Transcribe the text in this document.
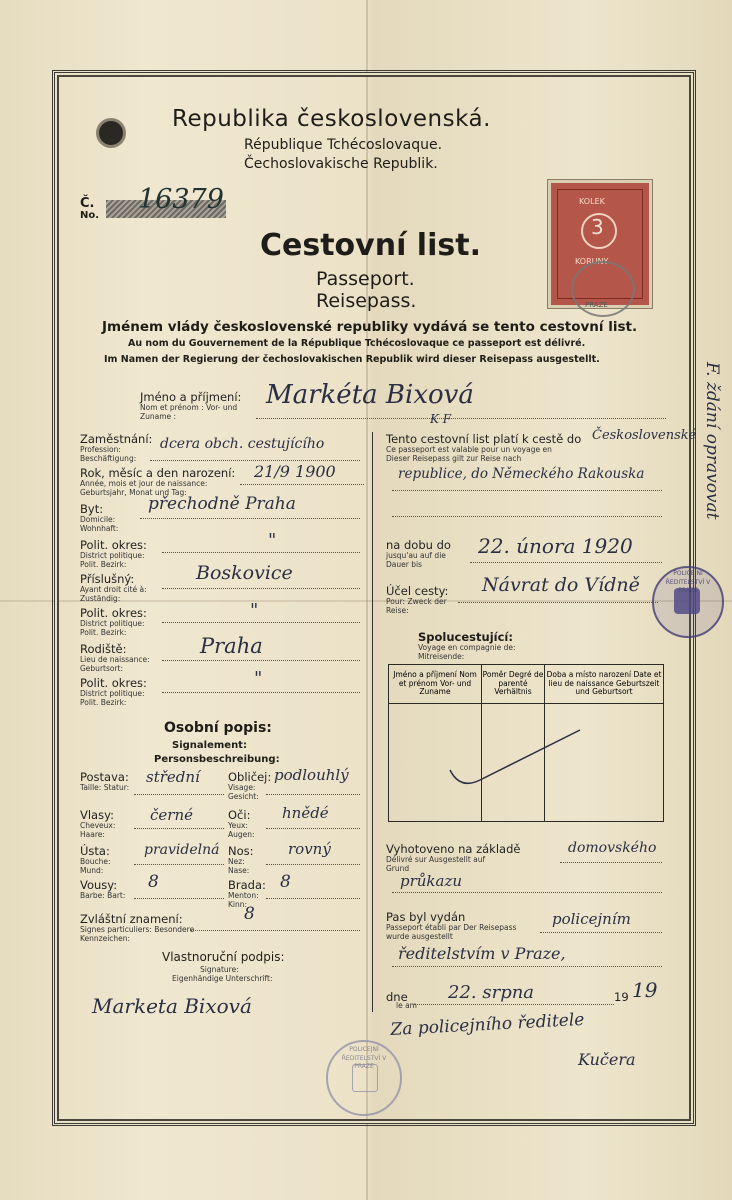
Republika československá.
République Tchécoslovaque.
Čechoslovakische Republik.
Č.
No.
16379
Cestovní list.
Passeport.
Reisepass.
KOLEK
3
KORUNY
PRAZE
Jménem vlády československé republiky vydává se tento cestovní list.
Au nom du Gouvernement de la République Tchécoslovaque ce passeport est délivré.
Im Namen der Regierung der čechoslovakischen Republik wird dieser Reisepass ausgestellt.
F. ždání opravovat
Jméno a příjmení:
Nom et prénom : Vor- und Zuname :
Markéta Bixová
K F
Zaměstnání:
Profession: Beschäftigung:
dcera obch. cestujícího
Rok, měsíc a den narození:
Année, mois et jour de naissance: Geburtsjahr, Monat und Tag:
21/9 1900
Byt:
Domicile: Wohnhaft:
přechodně Praha
Polit. okres:
District politique: Polit. Bezirk:
"
Příslušný:
Ayant droit cité à: Zuständig:
Boskovice
Polit. okres:
District politique: Polit. Bezirk:
"
Rodiště:
Lieu de naissance: Geburtsort:
Praha
Polit. okres:
District politique: Polit. Bezirk:
"
Osobní popis:
Signalement:
Personsbeschreibung:
Postava:
Taille: Statur:
střední Obličej:
Visage: Gesicht:
podlouhlý
Vlasy:
Cheveux: Haare:
černé	Oči:
Yeux: Augen:
hnědé
Ústa:
Bouche: Mund:
pravidelná Nos:
Nez: Nase:
rovný
Vousy:
Barbe: Bart:
8	Brada:
Menton: Kinn:
8
Zvláštní znamení:
Signes particuliers: Besondere Kennzeichen:
8
Vlastnoruční podpis:
Signature:
Eigenhändige Unterschrift:
Marketa Bixová
Tento cestovní list platí k cestě do
Ce passeport est valable pour un voyage en Dieser Reisepass gilt zur Reise nach
Československé
republice, do Německého Rakouska
na dobu do
jusqu'au auf die Dauer bis
22. února 1920
Účel cesty:
Pour: Zweck der Reise:
Návrat do Vídně
Spolucestující:
Voyage en compagnie de: Mitreisende:
Jméno a příjmení Nom et prénom Vor- und Zuname	Poměr Degré de parenté Verhältnis	Doba a místo narození Date et lieu de naissance Geburtszeit und Geburtsort

Vyhotoveno na základě
Délivré sur Ausgestellt auf Grund
domovského
průkazu
Pas byl vydán
Passeport établi par Der Reisepass wurde ausgestellt
policejním
ředitelstvím v Praze,
dne
le am
22. srpna	19 19
Za policejního ředitele
Kučera
POLICEJNÍ ŘEDITELSTVÍ V PRAZE
POLICEJNÍ ŘEDITELSTVÍ V PRAZE
